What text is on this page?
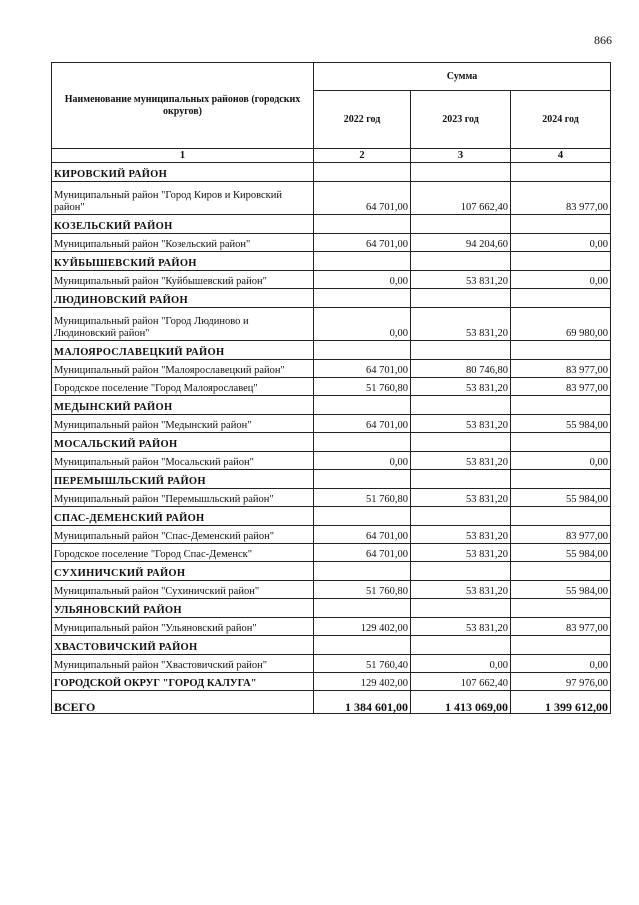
866
Наименование муниципальных районов (городских округов)	Сумма		
	2022 год	2023 год	2024 год
1	2	3	4
КИРОВСКИЙ РАЙОН			
Муниципальный район "Город Киров и Кировский район"	64 701,00	107 662,40	83 977,00
КОЗЕЛЬСКИЙ РАЙОН			
Муниципальный район "Козельский район"	64 701,00	94 204,60	0,00
КУЙБЫШЕВСКИЙ РАЙОН			
Муниципальный район "Куйбышевский район"	0,00	53 831,20	0,00
ЛЮДИНОВСКИЙ РАЙОН			
Муниципальный район "Город Людиново и Людиновский район"	0,00	53 831,20	69 980,00
МАЛОЯРОСЛАВЕЦКИЙ РАЙОН			
Муниципальный район "Малоярославецкий район"	64 701,00	80 746,80	83 977,00
Городское поселение "Город Малоярославец"	51 760,80	53 831,20	83 977,00
МЕДЫНСКИЙ РАЙОН			
Муниципальный район "Медынский район"	64 701,00	53 831,20	55 984,00
МОСАЛЬСКИЙ РАЙОН			
Муниципальный район "Мосальский район"	0,00	53 831,20	0,00
ПЕРЕМЫШЛЬСКИЙ РАЙОН			
Муниципальный район "Перемышльский район"	51 760,80	53 831,20	55 984,00
СПАС-ДЕМЕНСКИЙ РАЙОН			
Муниципальный район "Спас-Деменский район"	64 701,00	53 831,20	83 977,00
Городское поселение "Город Спас-Деменск"	64 701,00	53 831,20	55 984,00
СУХИНИЧСКИЙ РАЙОН			
Муниципальный район "Сухиничский район"	51 760,80	53 831,20	55 984,00
УЛЬЯНОВСКИЙ РАЙОН			
Муниципальный район "Ульяновский район"	129 402,00	53 831,20	83 977,00
ХВАСТОВИЧСКИЙ РАЙОН			
Муниципальный район "Хвастовичский район"	51 760,40	0,00	0,00
ГОРОДСКОЙ ОКРУГ "ГОРОД КАЛУГА"	129 402,00	107 662,40	97 976,00
ВСЕГО	1 384 601,00	1 413 069,00	1 399 612,00
